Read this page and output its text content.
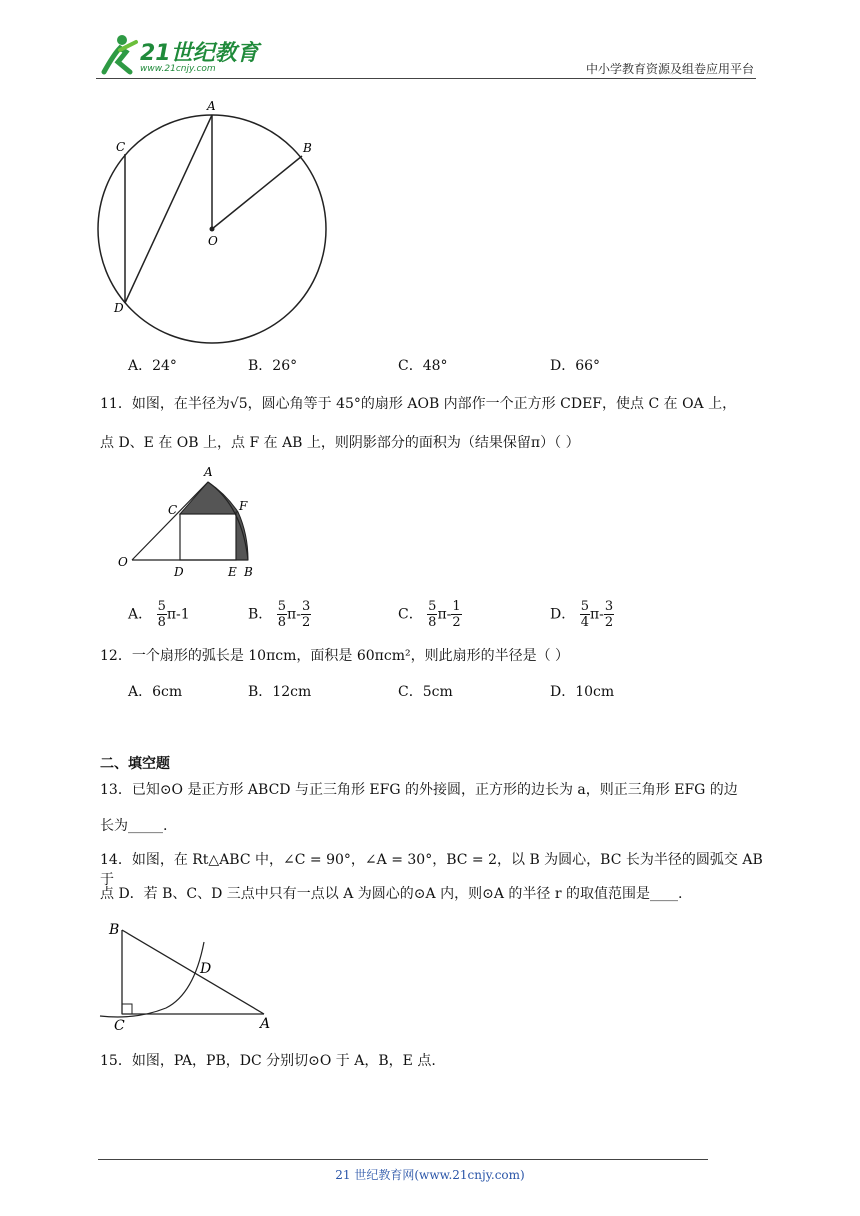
21世纪教育
www.21cnjy.com	中小学教育资源及组卷应用平台
A
B
C
D
O
A．24°	B．26°	C．48°	D．66°
11．如图，在半径为√5，圆心角等于 45°的扇形 AOB 内部作一个正方形 CDEF，使点 C 在 OA 上，
点 D、E 在 OB 上，点 F 在 AB 上，则阴影部分的面积为（结果保留π）（ ）
A
C	F
O
D	E B
A． $\frac{5}{8} \pi-1$	B． $\frac{5}{8} \pi- \frac{3}{2}$	C． $\frac{5}{8} \pi- \frac{1}{2}$	D． $\frac{5}{4} \pi- \frac{3}{2}$
12．一个扇形的弧长是 10πcm，面积是 60πcm²，则此扇形的半径是（ ）
A．6cm	B．12cm	C．5cm	D．10cm
二、填空题
13．已知⊙O 是正方形 ABCD 与正三角形 EFG 的外接圆，正方形的边长为 a，则正三角形 EFG 的边
长为_____.
14．如图，在 Rt△ABC 中，∠C = 90°，∠A = 30°，BC = 2，以 B 为圆心，BC 长为半径的圆弧交 AB 于
点 D．若 B、C、D 三点中只有一点以 A 为圆心的⊙A 内，则⊙A 的半径 r 的取值范围是____.
B
D
C	A
15．如图，PA，PB，DC 分别切⊙O 于 A，B，E 点.
21 世纪教育网(www.21cnjy.com)
